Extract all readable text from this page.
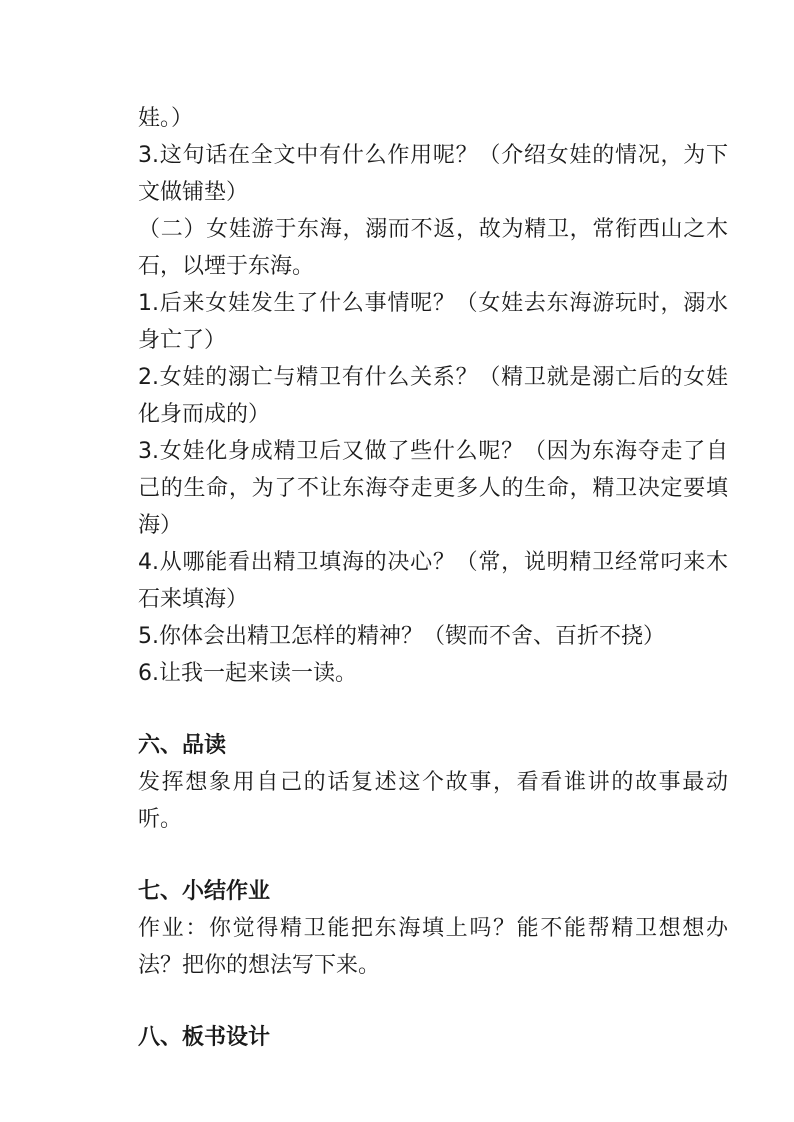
娃。）

3.这句话在全文中有什么作用呢？（介绍女娃的情况，为下文做铺垫）

（二）女娃游于东海，溺而不返，故为精卫，常衔西山之木石，以堙于东海。

1.后来女娃发生了什么事情呢？（女娃去东海游玩时，溺水身亡了）

2.女娃的溺亡与精卫有什么关系？（精卫就是溺亡后的女娃化身而成的）

3.女娃化身成精卫后又做了些什么呢？（因为东海夺走了自己的生命，为了不让东海夺走更多人的生命，精卫决定要填海）

4.从哪能看出精卫填海的决心？（常，说明精卫经常叼来木石来填海）

5.你体会出精卫怎样的精神？（锲而不舍、百折不挠）

6.让我一起来读一读。

六、品读

发挥想象用自己的话复述这个故事，看看谁讲的故事最动听。

七、小结作业

作业：你觉得精卫能把东海填上吗？能不能帮精卫想想办法？把你的想法写下来。

八、板书设计
